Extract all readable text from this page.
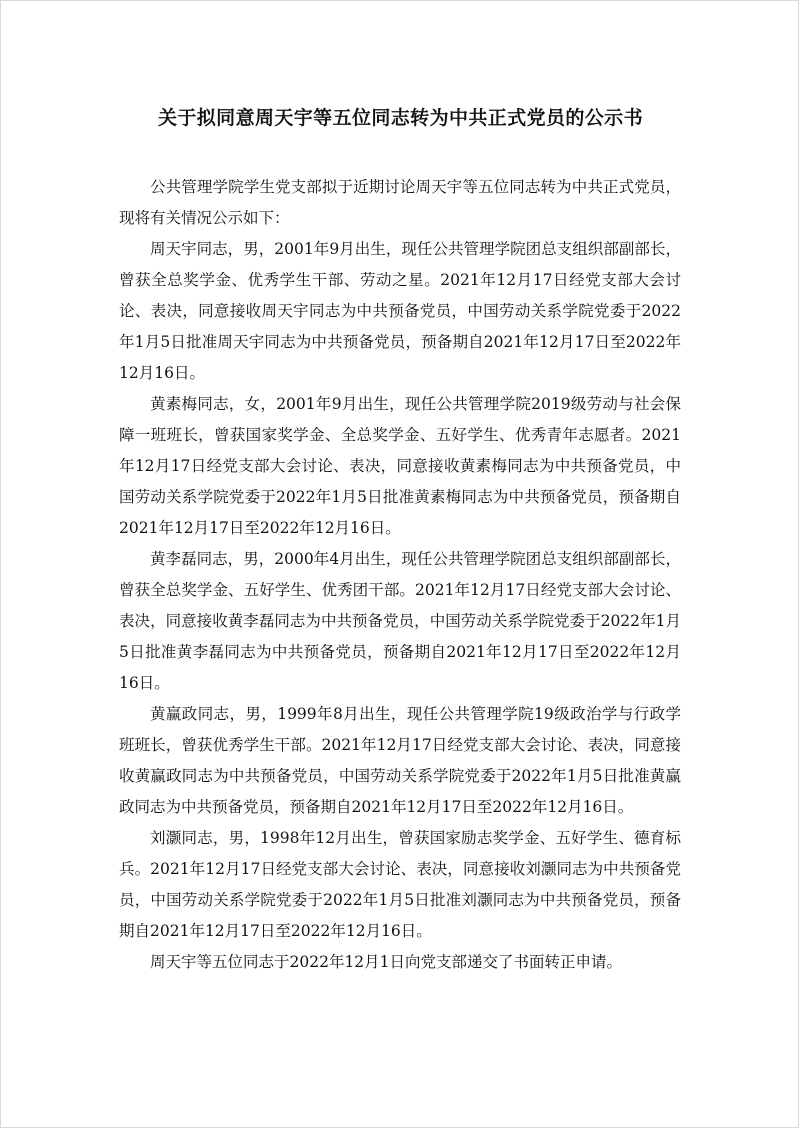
关于拟同意周天宇等五位同志转为中共正式党员的公示书

公共管理学院学生党支部拟于近期讨论周天宇等五位同志转为中共正式党员，现将有关情况公示如下：

周天宇同志，男，2001年9月出生，现任公共管理学院团总支组织部副部长，曾获全总奖学金、优秀学生干部、劳动之星。2021年12月17日经党支部大会讨论、表决，同意接收周天宇同志为中共预备党员，中国劳动关系学院党委于2022年1月5日批准周天宇同志为中共预备党员，预备期自2021年12月17日至2022年12月16日。

黄素梅同志，女，2001年9月出生，现任公共管理学院2019级劳动与社会保障一班班长，曾获国家奖学金、全总奖学金、五好学生、优秀青年志愿者。2021年12月17日经党支部大会讨论、表决，同意接收黄素梅同志为中共预备党员，中国劳动关系学院党委于2022年1月5日批准黄素梅同志为中共预备党员，预备期自2021年12月17日至2022年12月16日。

黄李磊同志，男，2000年4月出生，现任公共管理学院团总支组织部副部长，曾获全总奖学金、五好学生、优秀团干部。2021年12月17日经党支部大会讨论、表决，同意接收黄李磊同志为中共预备党员，中国劳动关系学院党委于2022年1月5日批准黄李磊同志为中共预备党员，预备期自2021年12月17日至2022年12月16日。

黄赢政同志，男，1999年8月出生，现任公共管理学院19级政治学与行政学班班长，曾获优秀学生干部。2021年12月17日经党支部大会讨论、表决，同意接收黄赢政同志为中共预备党员，中国劳动关系学院党委于2022年1月5日批准黄赢政同志为中共预备党员，预备期自2021年12月17日至2022年12月16日。

刘灏同志，男，1998年12月出生，曾获国家励志奖学金、五好学生、德育标兵。2021年12月17日经党支部大会讨论、表决，同意接收刘灏同志为中共预备党员，中国劳动关系学院党委于2022年1月5日批准刘灏同志为中共预备党员，预备期自2021年12月17日至2022年12月16日。

周天宇等五位同志于2022年12月1日向党支部递交了书面转正申请。
